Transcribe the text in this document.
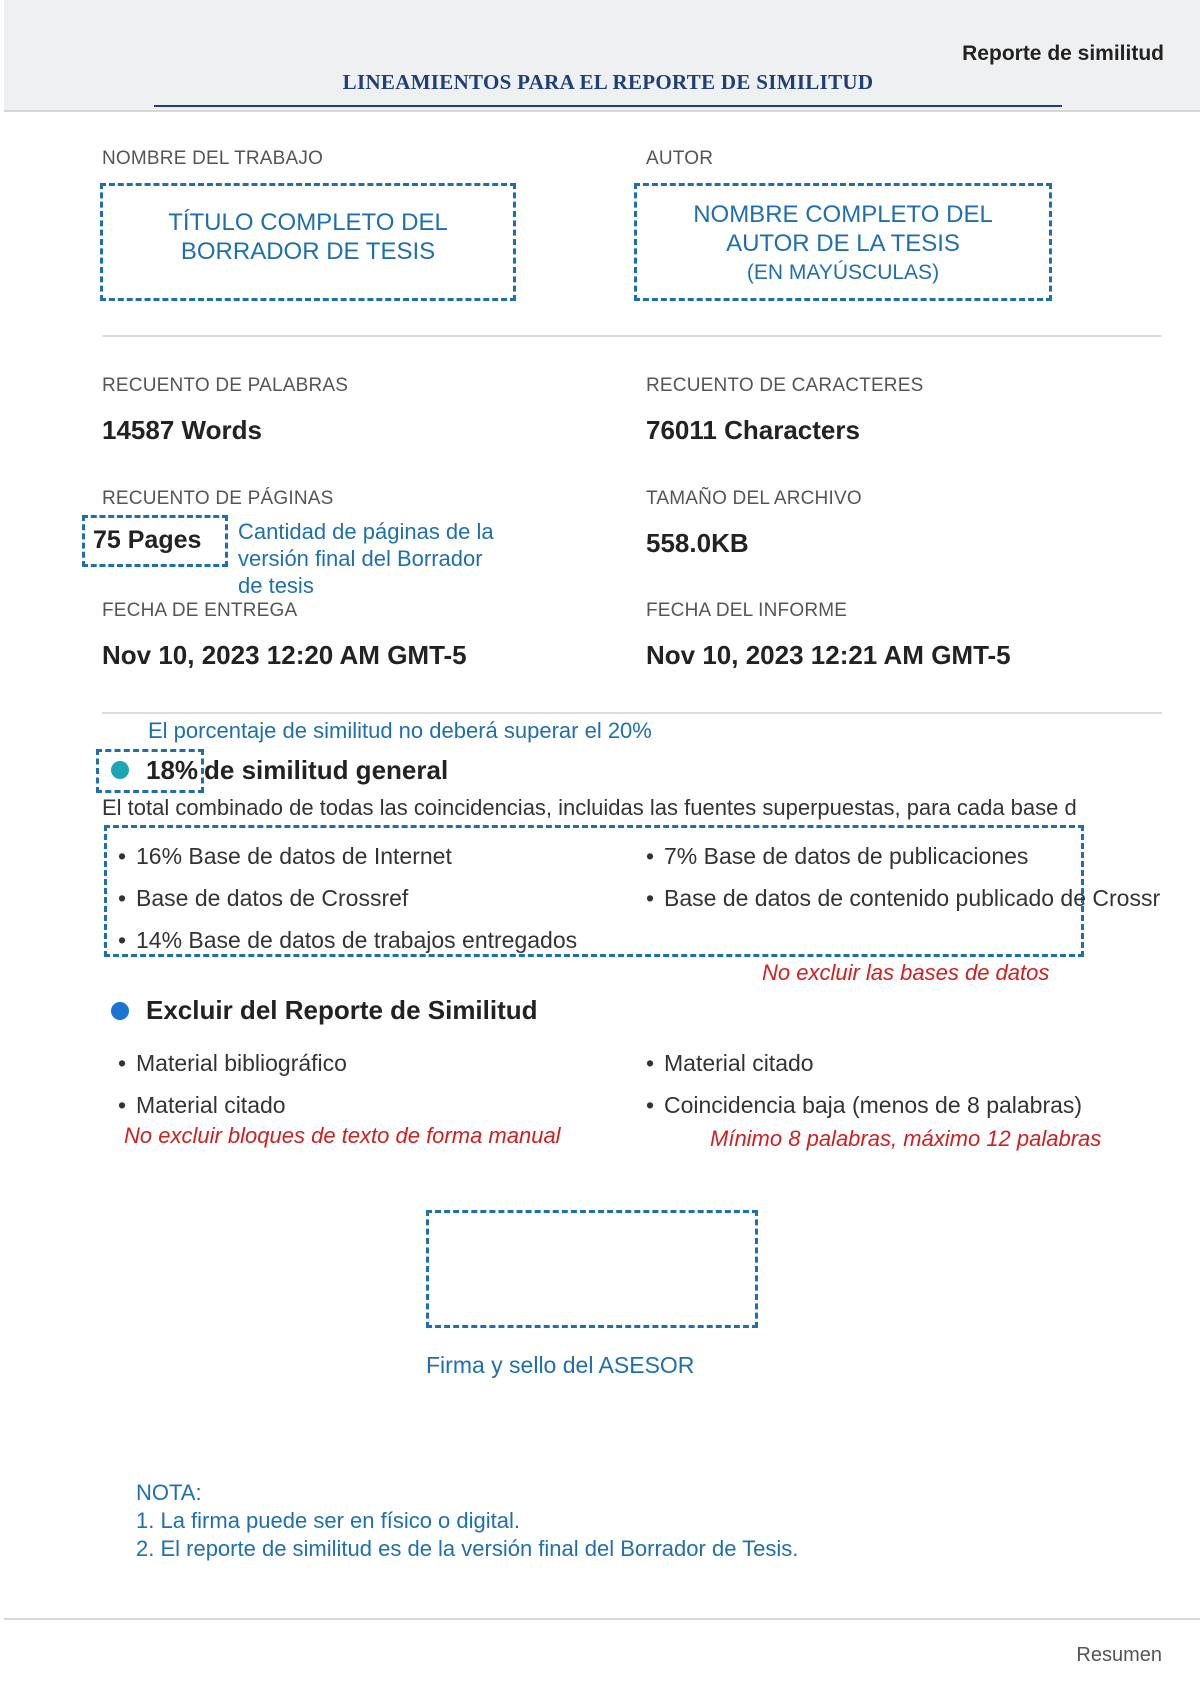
LINEAMIENTOS PARA EL REPORTE DE SIMILITUD
Reporte de similitud
NOMBRE DEL TRABAJO
TÍTULO COMPLETO DEL
BORRADOR DE TESIS
AUTOR
NOMBRE COMPLETO DEL
AUTOR DE LA TESIS
(EN MAYÚSCULAS)
RECUENTO DE PALABRAS
14587 Words
RECUENTO DE CARACTERES
76011 Characters
RECUENTO DE PÁGINAS
75 Pages Cantidad de páginas de la
versión final del Borrador
de tesis
TAMAÑO DEL ARCHIVO
558.0KB
FECHA DE ENTREGA
Nov 10, 2023 12:20 AM GMT-5
FECHA DEL INFORME
Nov 10, 2023 12:21 AM GMT-5
El porcentaje de similitud no deberá superar el 20%
18% de similitud general
El total combinado de todas las coincidencias, incluidas las fuentes superpuestas, para cada base d
• 16% Base de datos de Internet
• Base de datos de Crossref
• 14% Base de datos de trabajos entregados
• 7% Base de datos de publicaciones
• Base de datos de contenido publicado de Crossr
No excluir las bases de datos
Excluir del Reporte de Similitud
• Material bibliográfico
• Material citado
• Material citado
• Coincidencia baja (menos de 8 palabras)
No excluir bloques de texto de forma manual	Mínimo 8 palabras, máximo 12 palabras
Firma y sello del ASESOR
NOTA:
1. La firma puede ser en físico o digital.
2. El reporte de similitud es de la versión final del Borrador de Tesis.
Resumen
